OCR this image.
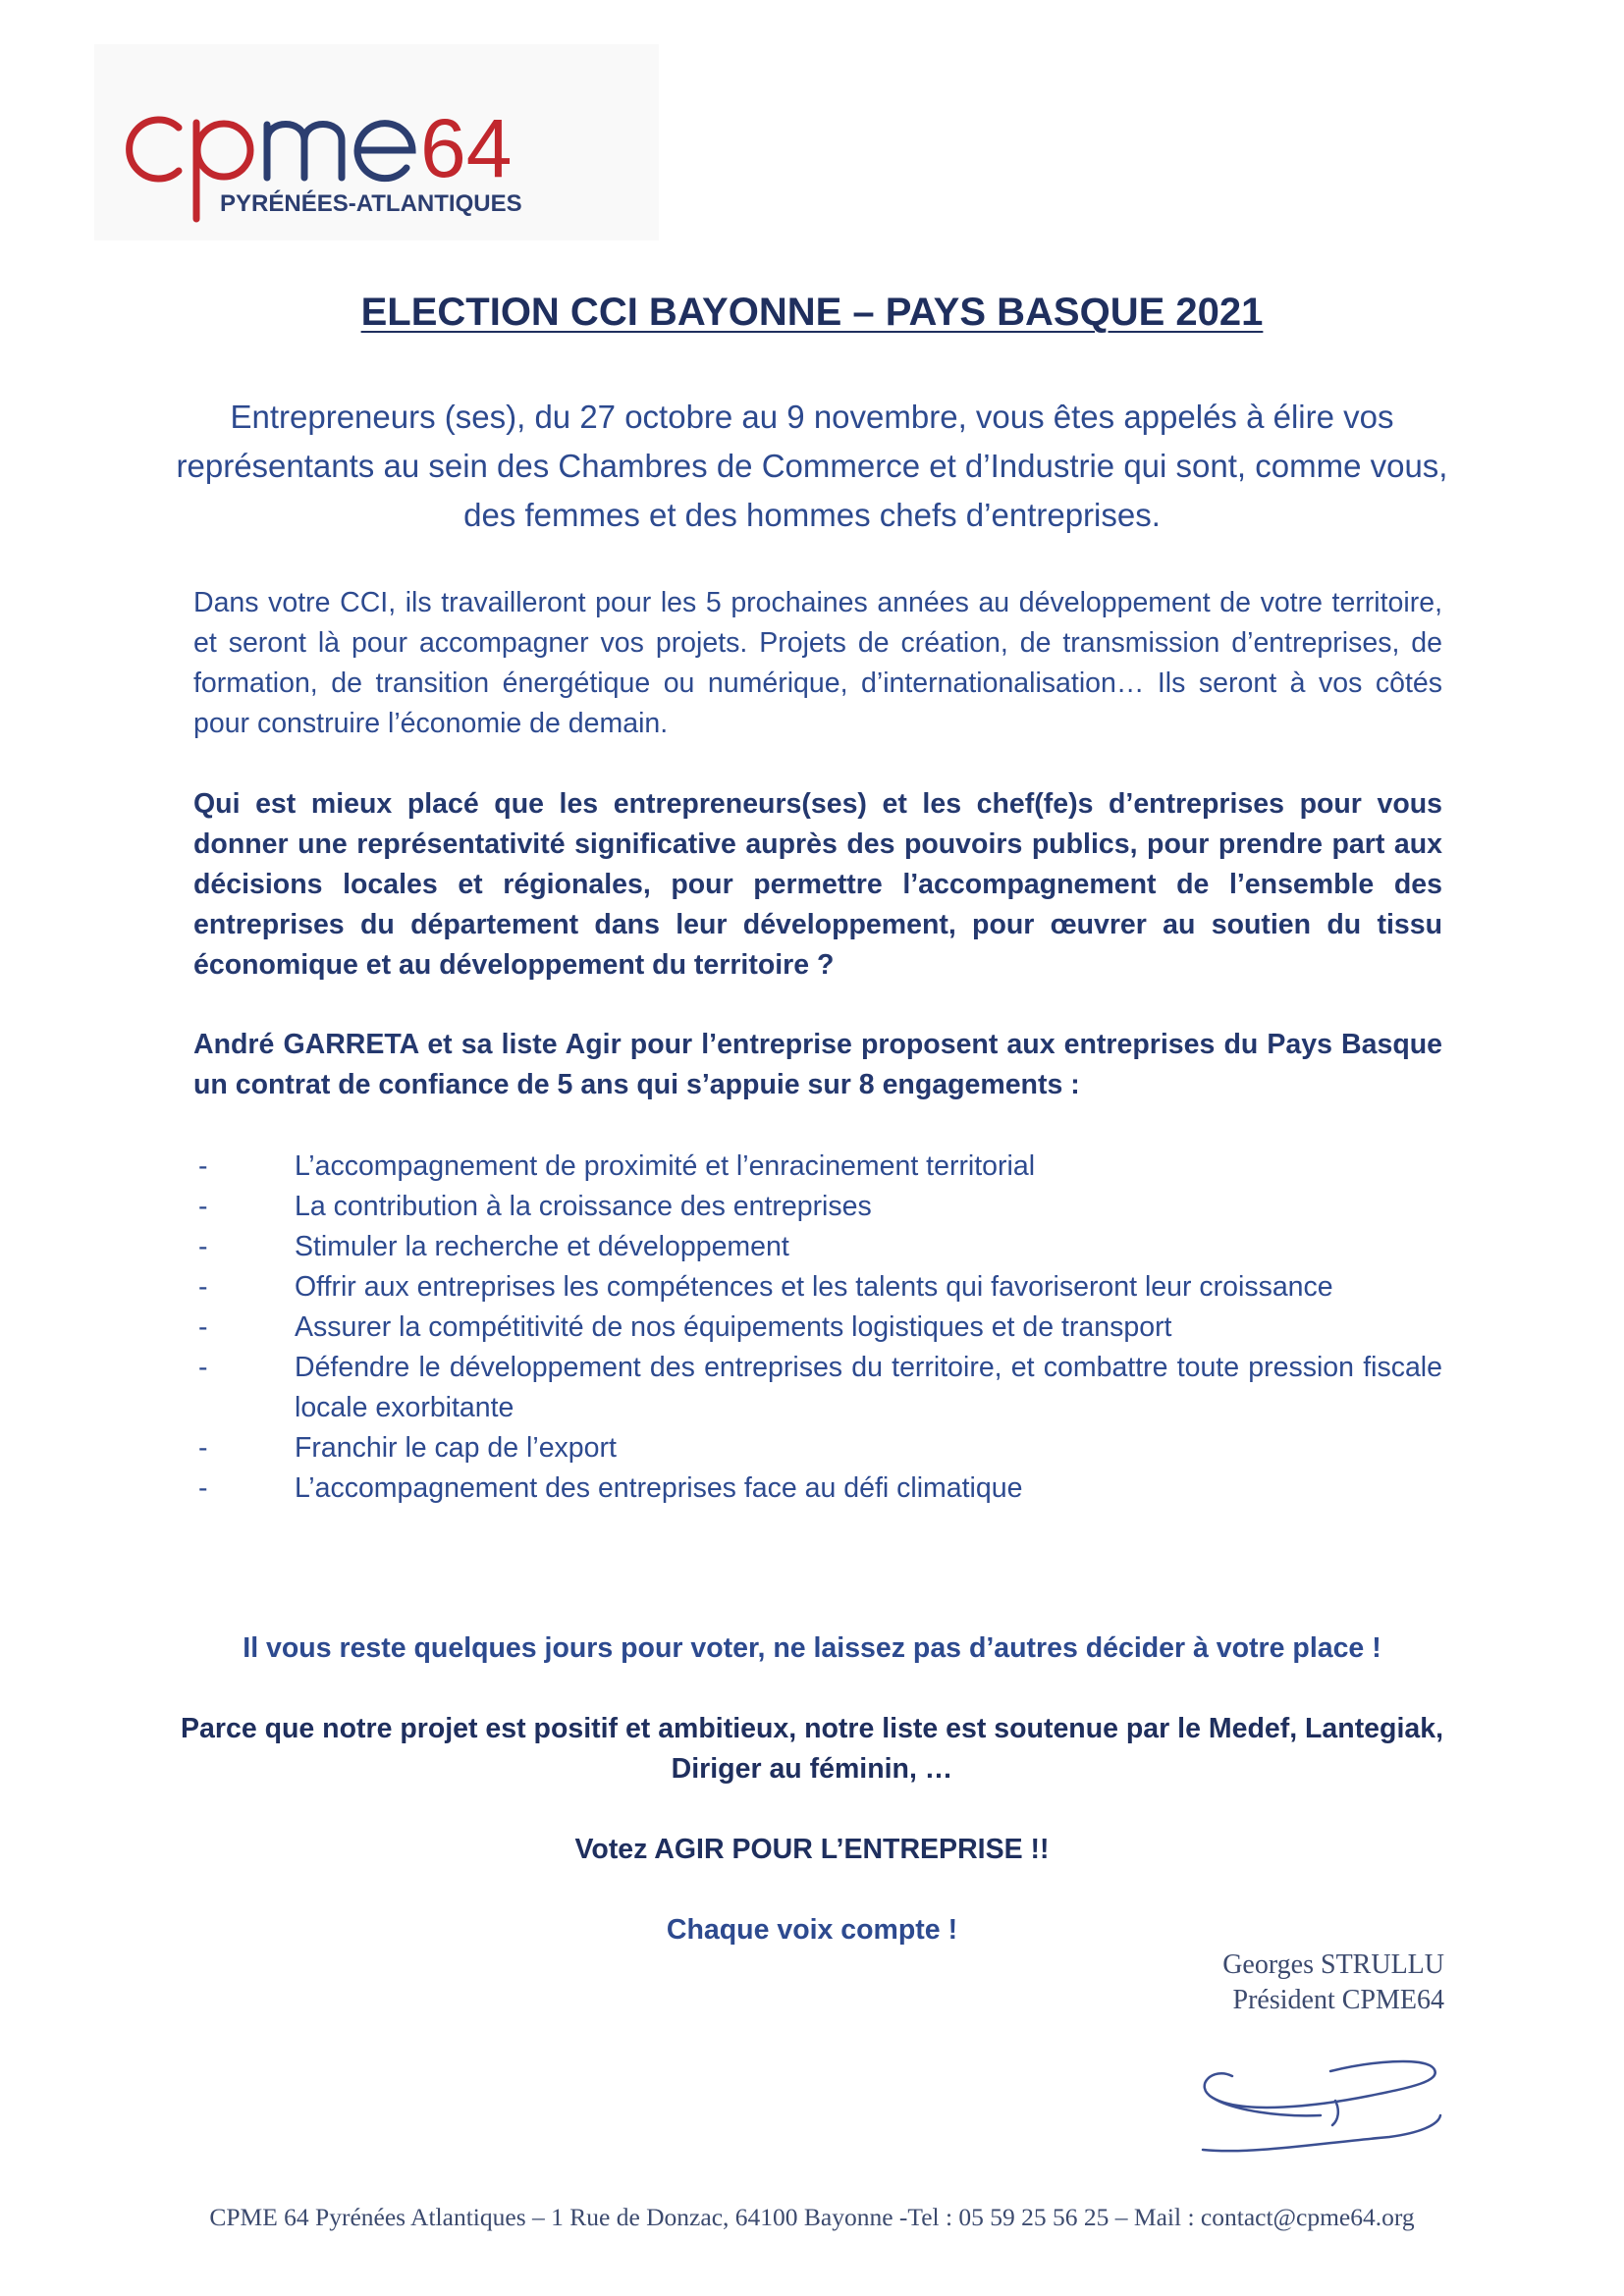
64
PYRÉNÉES-ATLANTIQUES
ELECTION CCI BAYONNE – PAYS BASQUE 2021

Entrepreneurs (ses), du 27 octobre au 9 novembre, vous êtes appelés à élire vos représentants au sein des Chambres de Commerce et d’Industrie qui sont, comme vous, des femmes et des hommes chefs d’entreprises.

Dans votre CCI, ils travailleront pour les 5 prochaines années au développement de votre territoire, et seront là pour accompagner vos projets. Projets de création, de transmission d’entreprises, de formation, de transition énergétique ou numérique, d’internationalisation… Ils seront à vos côtés pour construire l’économie de demain.

Qui est mieux placé que les entrepreneurs(ses) et les chef(fe)s d’entreprises pour vous donner une représentativité significative auprès des pouvoirs publics, pour prendre part aux décisions locales et régionales, pour permettre l’accompagnement de l’ensemble des entreprises du département dans leur développement, pour œuvrer au soutien du tissu économique et au développement du territoire ?

André GARRETA et sa liste Agir pour l’entreprise proposent aux entreprises du Pays Basque un contrat de confiance de 5 ans qui s’appuie sur 8 engagements :

-	L’accompagnement de proximité et l’enracinement territorial
-	La contribution à la croissance des entreprises
-	Stimuler la recherche et développement
-	Offrir aux entreprises les compétences et les talents qui favoriseront leur croissance
-	Assurer la compétitivité de nos équipements logistiques et de transport
-	Défendre le développement des entreprises du territoire, et combattre toute pression fiscale locale exorbitante
-	Franchir le cap de l’export
-	L’accompagnement des entreprises face au défi climatique

Il vous reste quelques jours pour voter, ne laissez pas d’autres décider à votre place !

Parce que notre projet est positif et ambitieux, notre liste est soutenue par le Medef, Lantegiak, Diriger au féminin, …

Votez AGIR POUR L’ENTREPRISE !!

Chaque voix compte !

Georges STRULLU
Président CPME64

CPME 64 Pyrénées Atlantiques – 1 Rue de Donzac, 64100 Bayonne -Tel : 05 59 25 56 25 – Mail : contact@cpme64.org
